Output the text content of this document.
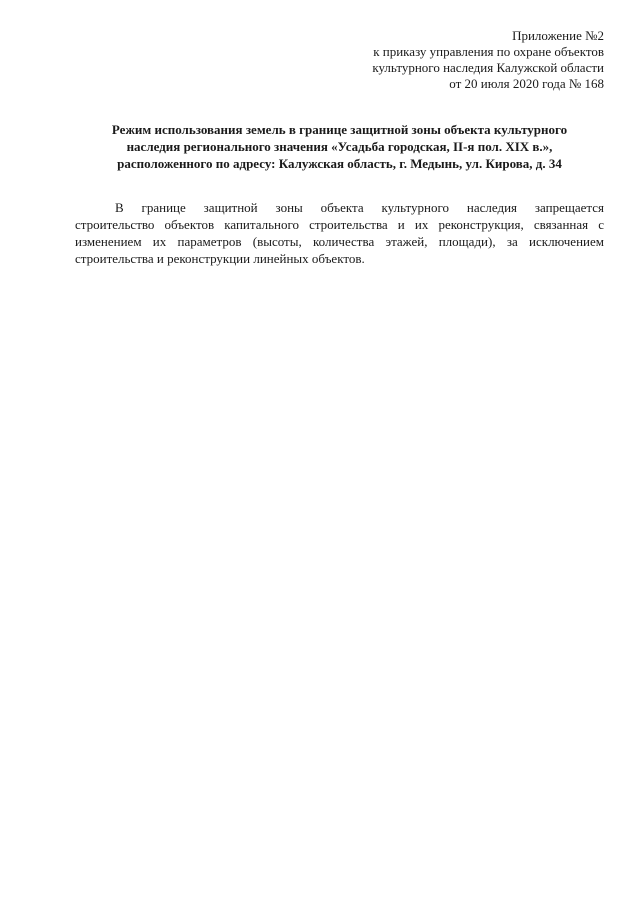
Приложение №2
к приказу управления по охране объектов
культурного наследия Калужской области
от 20 июля 2020 года № 168
Режим использования земель в границе защитной зоны объекта культурного
наследия регионального значения «Усадьба городская, II-я пол. XIX в.»,
расположенного по адресу: Калужская область, г. Медынь, ул. Кирова, д. 34
В границе защитной зоны объекта культурного наследия запрещается
строительство объектов капитального строительства и их реконструкция, связанная с
изменением их параметров (высоты, количества этажей, площади), за исключением
строительства и реконструкции линейных объектов.
